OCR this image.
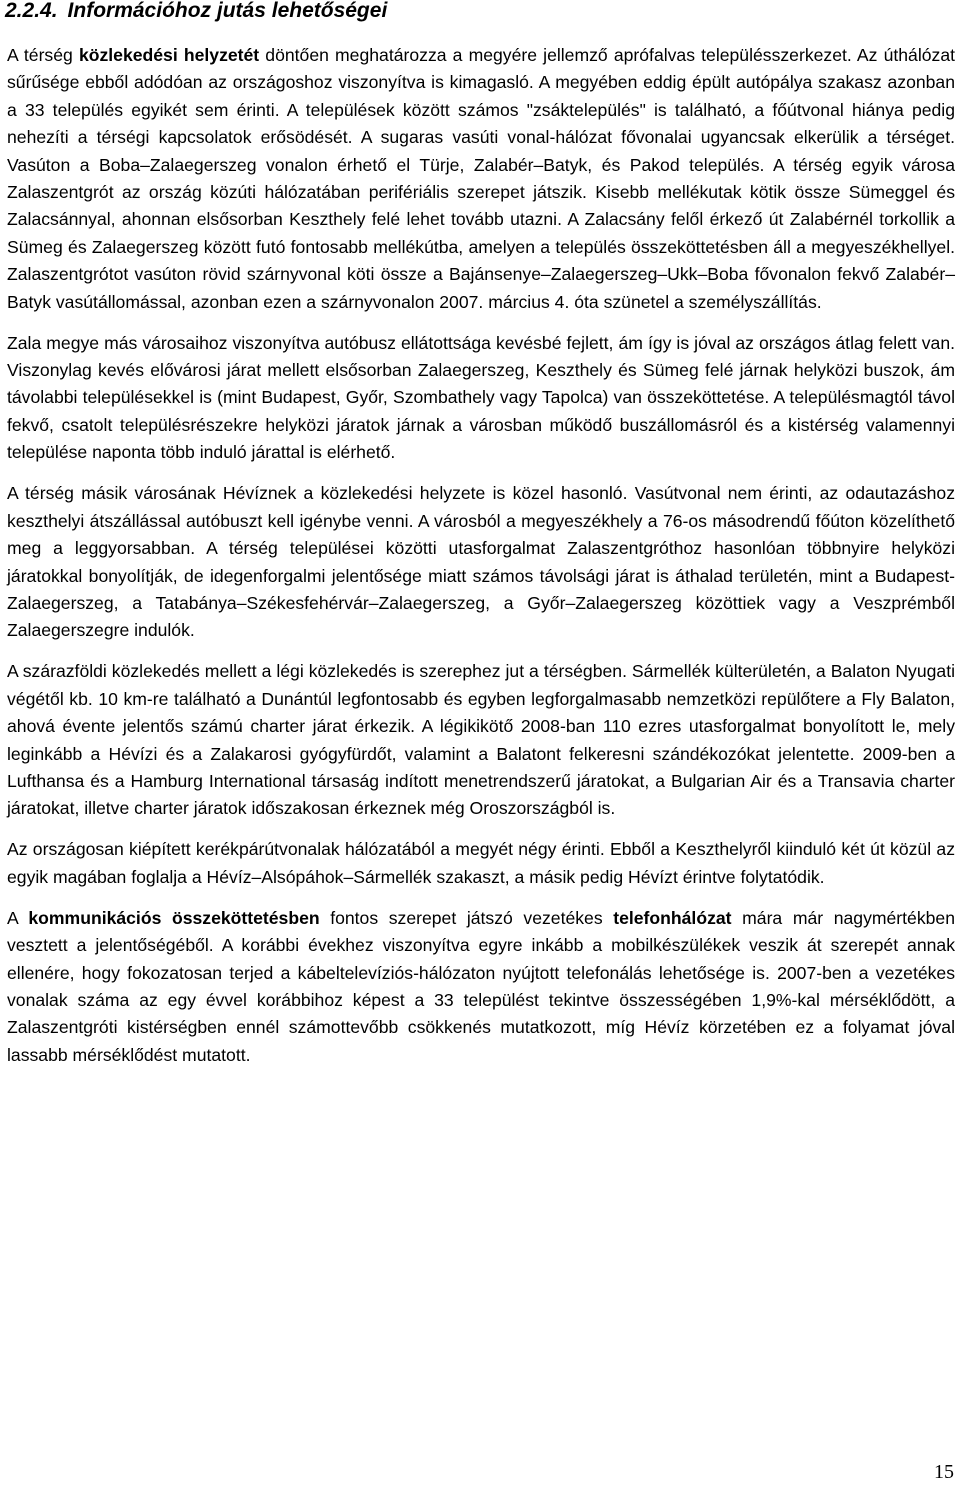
2.2.4. Információhoz jutás lehetőségei

A térség közlekedési helyzetét döntően meghatározza a megyére jellemző aprófalvas településszerkezet. Az úthálózat sűrűsége ebből adódóan az országoshoz viszonyítva is kimagasló. A megyében eddig épült autópálya szakasz azonban a 33 település egyikét sem érinti. A települések között számos "zsáktelepülés" is található, a főútvonal hiánya pedig nehezíti a térségi kapcsolatok erősödését. A sugaras vasúti vonal-hálózat fővonalai ugyancsak elkerülik a térséget. Vasúton a Boba–Zalaegerszeg vonalon érhető el Türje, Zalabér–Batyk, és Pakod település. A térség egyik városa Zalaszentgrót az ország közúti hálózatában perifériális szerepet játszik. Kisebb mellékutak kötik össze Sümeggel és Zalacsánnyal, ahonnan elsősorban Keszthely felé lehet tovább utazni. A Zalacsány felől érkező út Zalabérnél torkollik a Sümeg és Zalaegerszeg között futó fontosabb mellékútba, amelyen a település összeköttetésben áll a megyeszékhellyel. Zalaszentgrótot vasúton rövid szárnyvonal köti össze a Bajánsenye–Zalaegerszeg–Ukk–Boba fővonalon fekvő Zalabér–Batyk vasútállomással, azonban ezen a szárnyvonalon 2007. március 4. óta szünetel a személyszállítás.

Zala megye más városaihoz viszonyítva autóbusz ellátottsága kevésbé fejlett, ám így is jóval az országos átlag felett van. Viszonylag kevés elővárosi járat mellett elsősorban Zalaegerszeg, Keszthely és Sümeg felé járnak helyközi buszok, ám távolabbi településekkel is (mint Budapest, Győr, Szombathely vagy Tapolca) van összeköttetése. A településmagtól távol fekvő, csatolt településrészekre helyközi járatok járnak a városban működő buszállomásról és a kistérség valamennyi települése naponta több induló járattal is elérhető.

A térség másik városának Hévíznek a közlekedési helyzete is közel hasonló. Vasútvonal nem érinti, az odautazáshoz keszthelyi átszállással autóbuszt kell igénybe venni. A városból a megyeszékhely a 76-os másodrendű főúton közelíthető meg a leggyorsabban. A térség települései közötti utasforgalmat Zalaszentgróthoz hasonlóan többnyire helyközi járatokkal bonyolítják, de idegenforgalmi jelentősége miatt számos távolsági járat is áthalad területén, mint a Budapest-Zalaegerszeg, a Tatabánya–Székesfehérvár–Zalaegerszeg, a Győr–Zalaegerszeg közöttiek vagy a Veszprémből Zalaegerszegre indulók.

A szárazföldi közlekedés mellett a légi közlekedés is szerephez jut a térségben. Sármellék külterületén, a Balaton Nyugati végétől kb. 10 km-re található a Dunántúl legfontosabb és egyben legforgalmasabb nemzetközi repülőtere a Fly Balaton, ahová évente jelentős számú charter járat érkezik. A légikikötő 2008-ban 110 ezres utasforgalmat bonyolított le, mely leginkább a Hévízi és a Zalakarosi gyógyfürdőt, valamint a Balatont felkeresni szándékozókat jelentette. 2009-ben a Lufthansa és a Hamburg International társaság indított menetrendszerű járatokat, a Bulgarian Air és a Transavia charter járatokat, illetve charter járatok időszakosan érkeznek még Oroszországból is.

Az országosan kiépített kerékpárútvonalak hálózatából a megyét négy érinti. Ebből a Keszthelyről kiinduló két út közül az egyik magában foglalja a Hévíz–Alsópáhok–Sármellék szakaszt, a másik pedig Hévízt érintve folytatódik.

A kommunikációs összeköttetésben fontos szerepet játszó vezetékes telefonhálózat mára már nagymértékben vesztett a jelentőségéből. A korábbi évekhez viszonyítva egyre inkább a mobilkészülékek veszik át szerepét annak ellenére, hogy fokozatosan terjed a kábeltelevíziós-hálózaton nyújtott telefonálás lehetősége is. 2007-ben a vezetékes vonalak száma az egy évvel korábbihoz képest a 33 települést tekintve összességében 1,9%-kal mérséklődött, a Zalaszentgróti kistérségben ennél számottevőbb csökkenés mutatkozott, míg Hévíz körzetében ez a folyamat jóval lassabb mérséklődést mutatott.

15
